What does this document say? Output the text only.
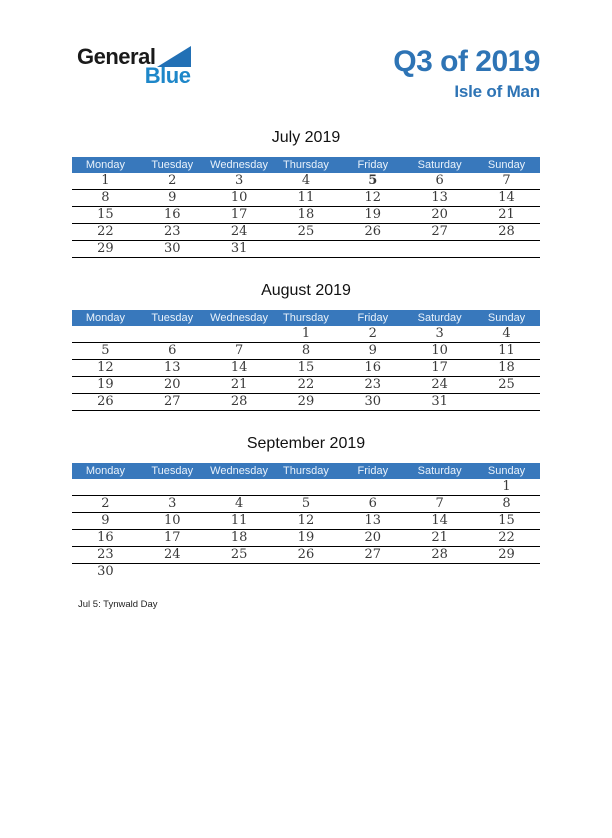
General
Blue	Q3 of 2019
Isle of Man
July 2019
Monday	Tuesday	Wednesday	Thursday	Friday	Saturday	Sunday
1	2	3	4	5	6	7
8	9	10	11	12	13	14
15	16	17	18	19	20	21
22	23	24	25	26	27	28
29	30	31				
August 2019
Monday	Tuesday	Wednesday	Thursday	Friday	Saturday	Sunday
			1	2	3	4
5	6	7	8	9	10	11
12	13	14	15	16	17	18
19	20	21	22	23	24	25
26	27	28	29	30	31	
September 2019
Monday	Tuesday	Wednesday	Thursday	Friday	Saturday	Sunday
						1
2	3	4	5	6	7	8
9	10	11	12	13	14	15
16	17	18	19	20	21	22
23	24	25	26	27	28	29
30						
Jul 5: Tynwald Day
